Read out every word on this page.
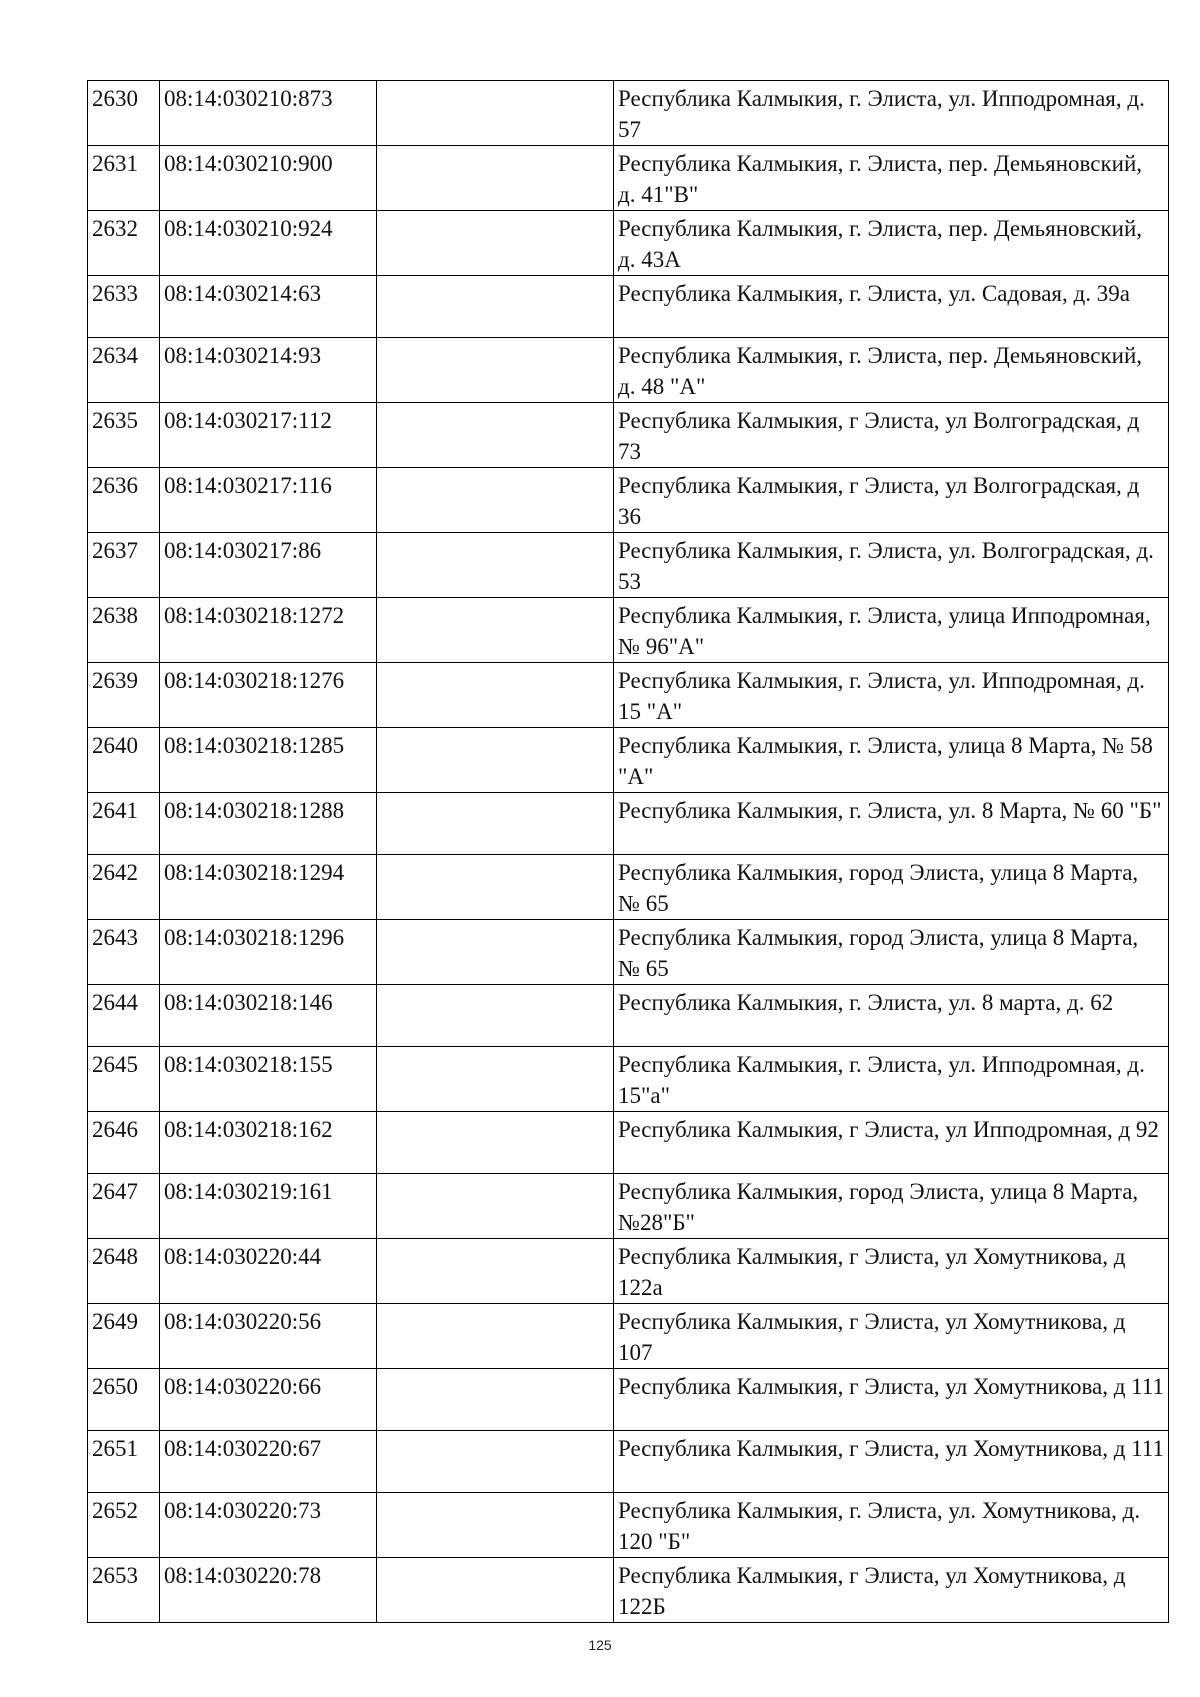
2630	08:14:030210:873		Республика Калмыкия, г. Элиста, ул. Ипподромная, д. 57
2631	08:14:030210:900		Республика Калмыкия, г. Элиста, пер. Демьяновский, д. 41"В"
2632	08:14:030210:924		Республика Калмыкия, г. Элиста, пер. Демьяновский, д. 43А
2633	08:14:030214:63		Республика Калмыкия, г. Элиста, ул. Садовая, д. 39а
2634	08:14:030214:93		Республика Калмыкия, г. Элиста, пер. Демьяновский, д. 48 "А"
2635	08:14:030217:112		Республика Калмыкия, г Элиста, ул Волгоградская, д 73
2636	08:14:030217:116		Республика Калмыкия, г Элиста, ул Волгоградская, д 36
2637	08:14:030217:86		Республика Калмыкия, г. Элиста, ул. Волгоградская, д. 53
2638	08:14:030218:1272		Республика Калмыкия, г. Элиста, улица Ипподромная, № 96"А"
2639	08:14:030218:1276		Республика Калмыкия, г. Элиста, ул. Ипподромная, д. 15 "А"
2640	08:14:030218:1285		Республика Калмыкия, г. Элиста, улица 8 Марта, № 58 "А"
2641	08:14:030218:1288		Республика Калмыкия, г. Элиста, ул. 8 Марта, № 60 "Б"
2642	08:14:030218:1294		Республика Калмыкия, город Элиста, улица 8 Марта, № 65
2643	08:14:030218:1296		Республика Калмыкия, город Элиста, улица 8 Марта, № 65
2644	08:14:030218:146		Республика Калмыкия, г. Элиста, ул. 8 марта, д. 62
2645	08:14:030218:155		Республика Калмыкия, г. Элиста, ул. Ипподромная, д. 15"а"
2646	08:14:030218:162		Республика Калмыкия, г Элиста, ул Ипподромная, д 92
2647	08:14:030219:161		Республика Калмыкия, город Элиста, улица 8 Марта, №28"Б"
2648	08:14:030220:44		Республика Калмыкия, г Элиста, ул Хомутникова, д 122а
2649	08:14:030220:56		Республика Калмыкия, г Элиста, ул Хомутникова, д 107
2650	08:14:030220:66		Республика Калмыкия, г Элиста, ул Хомутникова, д 111
2651	08:14:030220:67		Республика Калмыкия, г Элиста, ул Хомутникова, д 111
2652	08:14:030220:73		Республика Калмыкия, г. Элиста, ул. Хомутникова, д. 120 "Б"
2653	08:14:030220:78		Республика Калмыкия, г Элиста, ул Хомутникова, д 122Б
125
